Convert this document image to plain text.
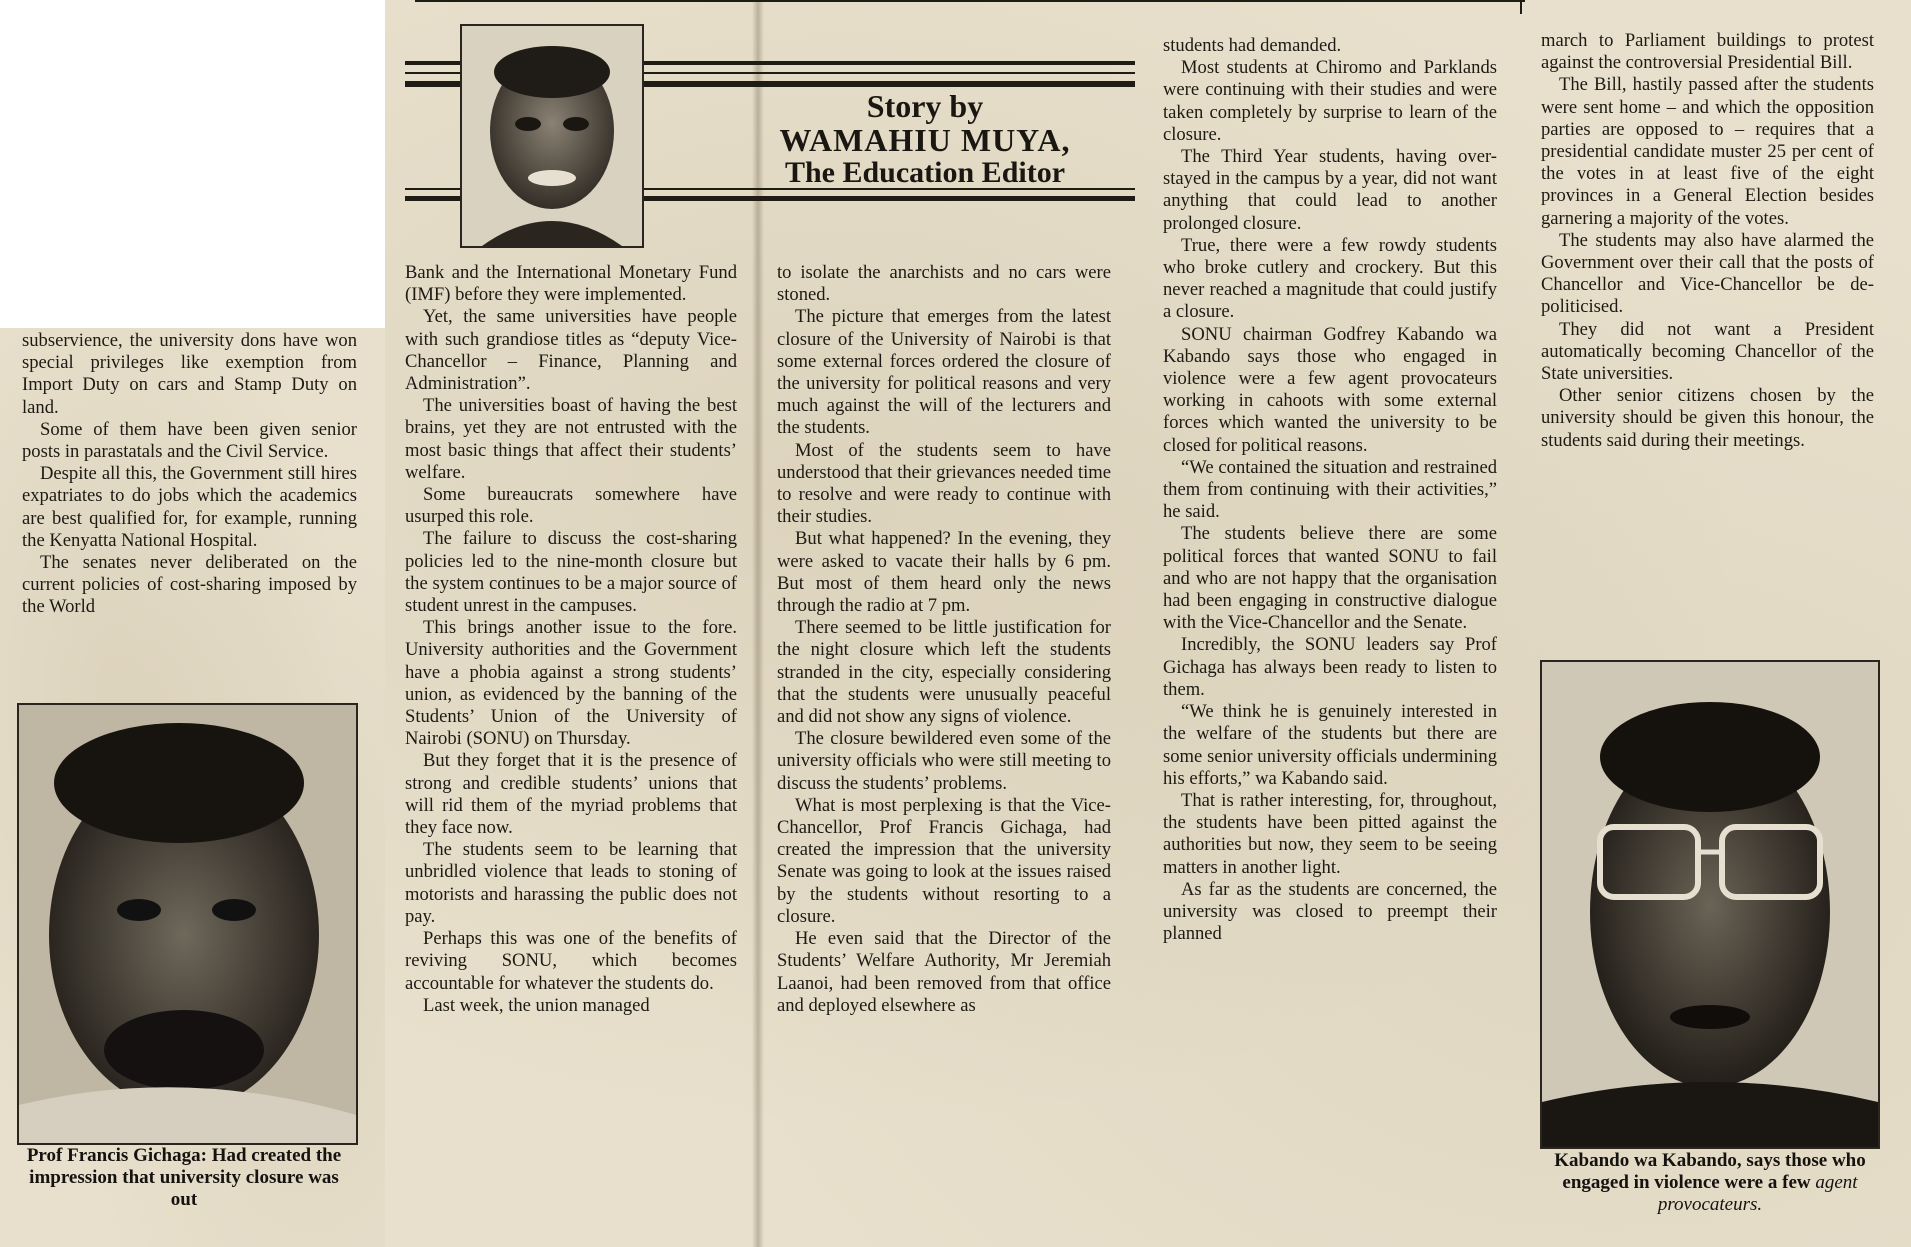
Story by
WAMAHIU MUYA,
The Education Editor

subservience, the university dons have won special privileges like exemption from Import Duty on cars and Stamp Duty on land.

Some of them have been given senior posts in parastatals and the Civil Service.

Despite all this, the Government still hires expatriates to do jobs which the academics are best qualified for, for example, running the Kenyatta National Hospital.

The senates never deliberated on the current policies of cost-sharing imposed by the World

Prof Francis Gichaga: Had created the impression that university closure was out

Bank and the International Monetary Fund (IMF) before they were implemented.

Yet, the same universities have people with such grandiose titles as “deputy Vice-Chancellor – Finance, Planning and Administration”.

The universities boast of having the best brains, yet they are not entrusted with the most basic things that affect their students’ welfare.

Some bureaucrats somewhere have usurped this role.

The failure to discuss the cost-sharing policies led to the nine-month closure but the system continues to be a major source of student unrest in the campuses.

This brings another issue to the fore. University authorities and the Government have a phobia against a strong students’ union, as evidenced by the banning of the Students’ Union of the University of Nairobi (SONU) on Thursday.

But they forget that it is the presence of strong and credible students’ unions that will rid them of the myriad problems that they face now.

The students seem to be learning that unbridled violence that leads to stoning of motorists and harassing the public does not pay.

Perhaps this was one of the benefits of reviving SONU, which becomes accountable for whatever the students do.

Last week, the union managed

to isolate the anarchists and no cars were stoned.

The picture that emerges from the latest closure of the University of Nairobi is that some external forces ordered the closure of the university for political reasons and very much against the will of the lecturers and the students.

Most of the students seem to have understood that their grievances needed time to resolve and were ready to continue with their studies.

But what happened? In the evening, they were asked to vacate their halls by 6 pm. But most of them heard only the news through the radio at 7 pm.

There seemed to be little justification for the night closure which left the students stranded in the city, especially considering that the students were unusually peaceful and did not show any signs of violence.

The closure bewildered even some of the university officials who were still meeting to discuss the students’ problems.

What is most perplexing is that the Vice-Chancellor, Prof Francis Gichaga, had created the impression that the university Senate was going to look at the issues raised by the students without resorting to a closure.

He even said that the Director of the Students’ Welfare Authority, Mr Jeremiah Laanoi, had been removed from that office and deployed elsewhere as

students had demanded.

Most students at Chiromo and Parklands were continuing with their studies and were taken completely by surprise to learn of the closure.

The Third Year students, having over-stayed in the campus by a year, did not want anything that could lead to another prolonged closure.

True, there were a few rowdy students who broke cutlery and crockery. But this never reached a magnitude that could justify a closure.

SONU chairman Godfrey Kabando wa Kabando says those who engaged in violence were a few agent provocateurs working in cahoots with some external forces which wanted the university to be closed for political reasons.

“We contained the situation and restrained them from continuing with their activities,” he said.

The students believe there are some political forces that wanted SONU to fail and who are not happy that the organisation had been engaging in constructive dialogue with the Vice-Chancellor and the Senate.

Incredibly, the SONU leaders say Prof Gichaga has always been ready to listen to them.

“We think he is genuinely interested in the welfare of the students but there are some senior university officials undermining his efforts,” wa Kabando said.

That is rather interesting, for, throughout, the students have been pitted against the authorities but now, they seem to be seeing matters in another light.

As far as the students are concerned, the university was closed to preempt their planned

march to Parliament buildings to protest against the controversial Presidential Bill.

The Bill, hastily passed after the students were sent home – and which the opposition parties are opposed to – requires that a presidential candidate muster 25 per cent of the votes in at least five of the eight provinces in a General Election besides garnering a majority of the votes.

The students may also have alarmed the Government over their call that the posts of Chancellor and Vice-Chancellor be de-politicised.

They did not want a President automatically becoming Chancellor of the State universities.

Other senior citizens chosen by the university should be given this honour, the students said during their meetings.

Kabando wa Kabando, says those who engaged in violence were a few agent provocateurs.
